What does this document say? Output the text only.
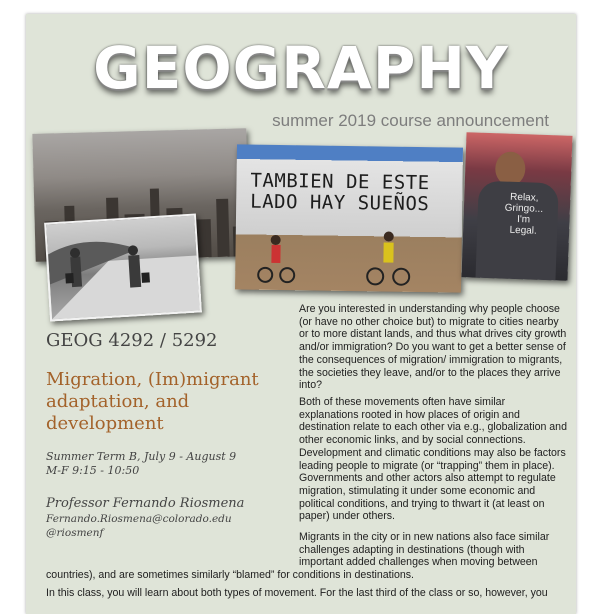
GEOGRAPHY
summer 2019 course announcement
TAMBIEN DE ESTE
LADO HAY SUEÑOS	Relax, Gringo... I'm Legal.
GEOG 4292 / 5292
Migration, (Im)migrant adaptation, and development
Summer Term B, July 9 - August 9
M-F 9:15 - 10:50
Professor Fernando Riosmena
Fernando.Riosmena@colorado.edu
@riosmenf
Are you interested in understanding why people choose (or have no other choice but) to migrate to cities nearby or to more distant lands, and thus what drives city growth and/or immigration? Do you want to get a better sense of the consequences of migration/ immigration to migrants, the societies they leave, and/or to the places they arrive into?
Both of these movements often have similar explanations rooted in how places of origin and destination relate to each other via e.g., globalization and other economic links, and by social connections. Development and climatic conditions may also be factors leading people to migrate (or “trapping” them in place). Governments and other actors also attempt to regulate migration, stimulating it under some economic and political conditions, and trying to thwart it (at least on paper) under others.
Migrants in the city or in new nations also face similar challenges adapting in destinations (though with important added challenges when moving between
countries), and are sometimes similarly “blamed” for conditions in destinations.
In this class, you will learn about both types of movement. For the last third of the class or so, however, you
